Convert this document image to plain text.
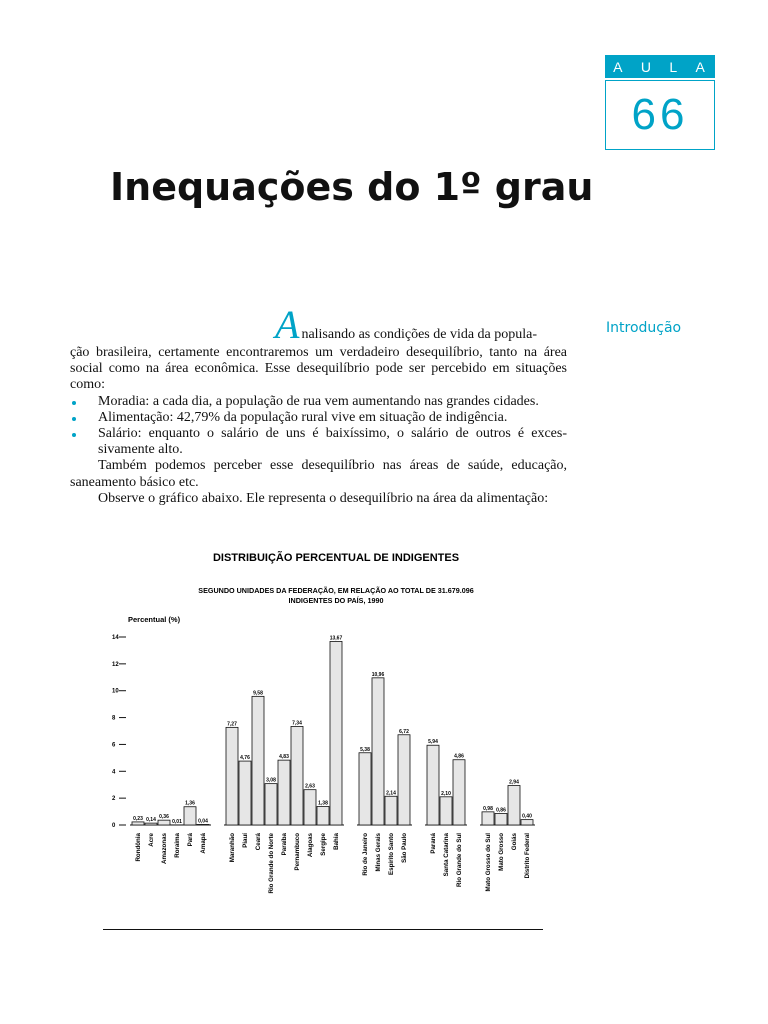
A U L A
66
Inequações do 1º grau
Introdução

Analisando as condições de vida da popula-

ção brasileira, certamente encontraremos um verdadeiro desequilíbrio, tanto na área social como na área econômica. Esse desequilíbrio pode ser percebido em situações como:

Moradia: a cada dia, a população de rua vem aumentando nas grandes cidades.
Alimentação: 42,79% da população rural vive em situação de indigência.
Salário: enquanto o salário de uns é baixíssimo, o salário de outros é exces-sivamente alto.

Também podemos perceber esse desequilíbrio nas áreas de saúde, educação, saneamento básico etc.

Observe o gráfico abaixo. Ele representa o desequilíbrio na área da alimentação:

DISTRIBUIÇÃO PERCENTUAL DE INDIGENTES
SEGUNDO UNIDADES DA FEDERAÇÃO, EM RELAÇÃO AO TOTAL DE 31.679.096
INDIGENTES DO PAÍS, 1990
Percentual (%)
0
2
4
6
8
10
12
14
0,23
Rondônia
0,14
Acre
0,36
Amazonas
0,01
Roraima
1,36
Pará
0,04
Amapá
7,27
Maranhão
4,76
Piauí
9,58
Ceará
3,08
Rio Grande do Norte
4,83
Paraíba
7,34
Pernambuco
2,63
Alagoas
1,38
Sergipe
13,67
Bahia
5,38
Rio de Janeiro
10,96
Minas Gerais
2,14
Espírito Santo
6,72
São Paulo
5,94
Paraná
2,10
Santa Catarina
4,86
Rio Grande do Sul
0,98
Mato Grosso do Sul
0,86
Mato Grosso
2,94
Goiás
0,40
Distrito Federal
